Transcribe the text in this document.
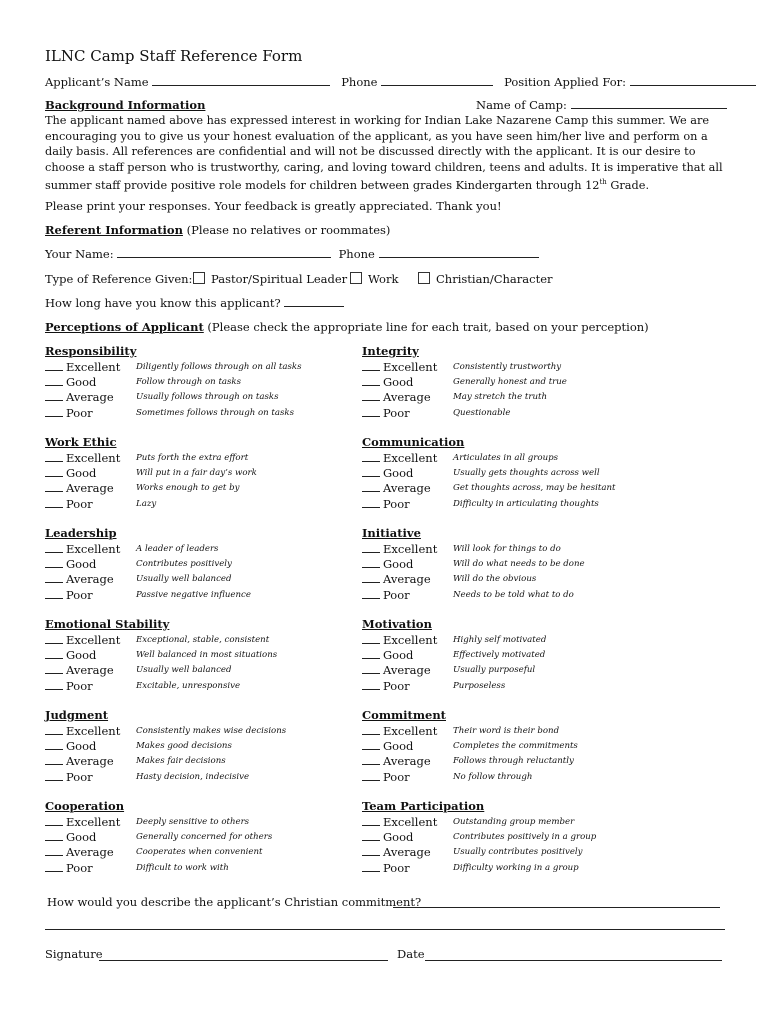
ILNC Camp Staff Reference Form
Applicant’s Name	Phone	Position Applied For:
Background Information	Name of Camp:
The applicant named above has expressed interest in working for Indian Lake Nazarene Camp this summer. We are encouraging you to give us your honest evaluation of the applicant, as you have seen him/her live and perform on a daily basis. All references are confidential and will not be discussed directly with the applicant. It is our desire to choose a staff person who is trustworthy, caring, and loving toward children, teens and adults. It is imperative that all summer staff provide positive role models for children between grades Kindergarten through 12th Grade.
Please print your responses. Your feedback is greatly appreciated. Thank you!
Referent Information (Please no relatives or roommates)
Your Name:	Phone
Type of Reference Given:	Pastor/Spiritual Leader	Work	Christian/Character
How long have you know this applicant?
Perceptions of Applicant (Please check the appropriate line for each trait, based on your perception)
Responsibility
Excellent Diligently follows through on all tasks
Good	Follow through on tasks
Average	Usually follows through on tasks
Poor	Sometimes follows through on tasks
Work Ethic
Excellent Puts forth the extra effort
Good	Will put in a fair day’s work
Average	Works enough to get by
Poor	Lazy
Leadership
Excellent A leader of leaders
Good	Contributes positively
Average	Usually well balanced
Poor	Passive negative influence
Emotional Stability
Excellent Exceptional, stable, consistent
Good	Well balanced in most situations
Average	Usually well balanced
Poor	Excitable, unresponsive
Judgment
Excellent Consistently makes wise decisions
Good	Makes good decisions
Average	Makes fair decisions
Poor	Hasty decision, indecisive
Cooperation
Excellent Deeply sensitive to others
Good	Generally concerned for others
Average	Cooperates when convenient
Poor	Difficult to work with
Integrity
Excellent Consistently trustworthy
Good	Generally honest and true
Average	May stretch the truth
Poor	Questionable
Communication
Excellent Articulates in all groups
Good	Usually gets thoughts across well
Average	Get thoughts across, may be hesitant
Poor	Difficulty in articulating thoughts
Initiative
Excellent Will look for things to do
Good	Will do what needs to be done
Average	Will do the obvious
Poor	Needs to be told what to do
Motivation
Excellent Highly self motivated
Good	Effectively motivated
Average	Usually purposeful
Poor	Purposeless
Commitment
Excellent Their word is their bond
Good	Completes the commitments
Average	Follows through reluctantly
Poor	No follow through
Team Participation
Excellent Outstanding group member
Good	Contributes positively in a group
Average	Usually contributes positively
Poor	Difficulty working in a group
How would you describe the applicant’s Christian commitment?
Signature	Date
